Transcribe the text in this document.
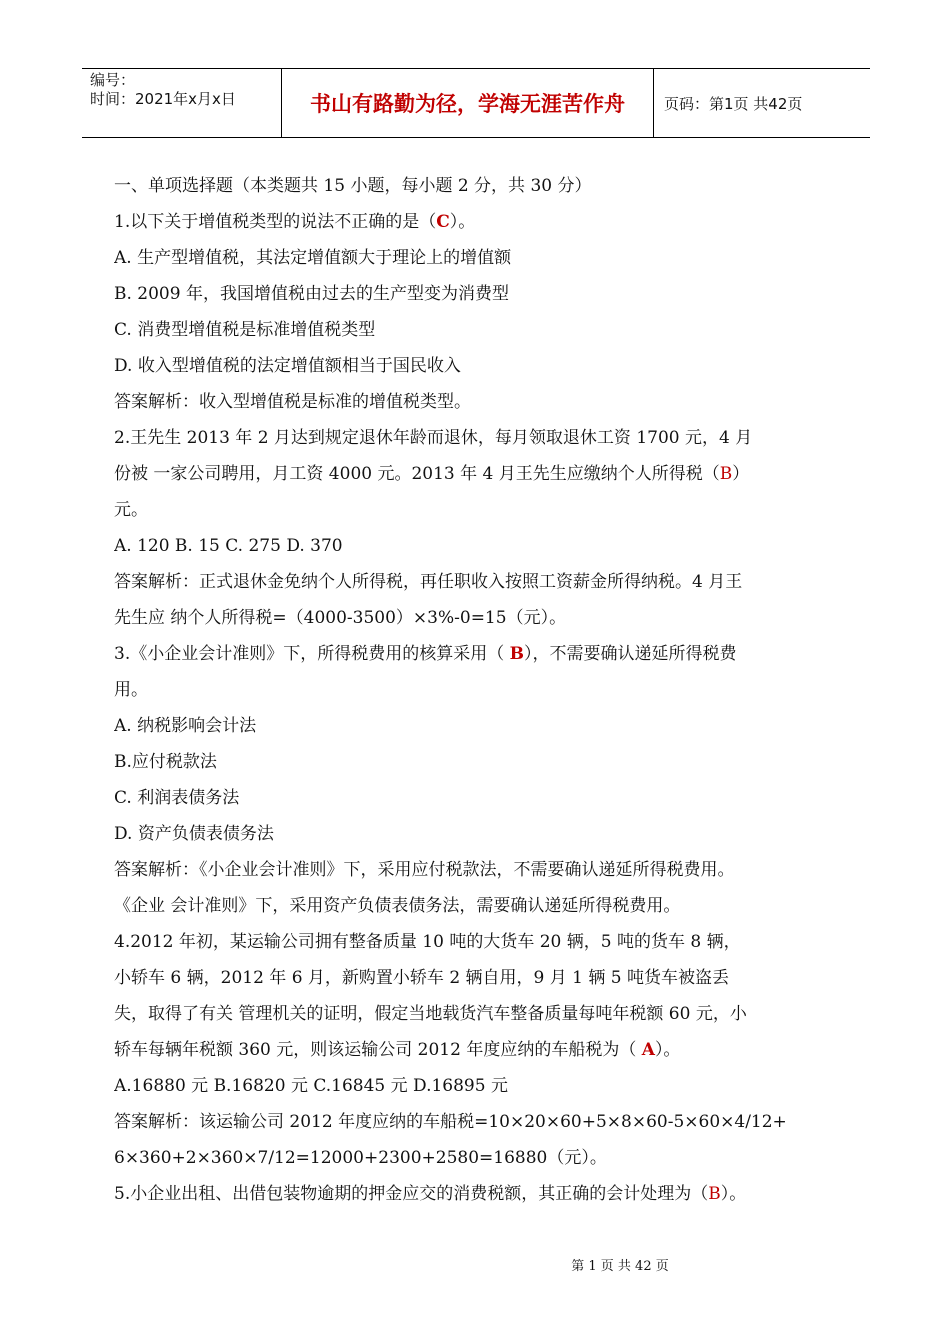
编号：
时间：2021年x月x日	书山有路勤为径，学海无涯苦作舟	页码：第1页 共42页

一、单项选择题（本类题共 15 小题，每小题 2 分，共 30 分）

1.以下关于增值税类型的说法不正确的是（C）。

A. 生产型增值税，其法定增值额大于理论上的增值额

B. 2009 年，我国增值税由过去的生产型变为消费型

C. 消费型增值税是标准增值税类型

D. 收入型增值税的法定增值额相当于国民收入

答案解析：收入型增值税是标准的增值税类型。

2.王先生 2013 年 2 月达到规定退休年龄而退休，每月领取退休工资 1700 元，4 月

份被 一家公司聘用，月工资 4000 元。2013 年 4 月王先生应缴纳个人所得税（B）

元。

A. 120 B. 15 C. 275 D. 370

答案解析：正式退休金免纳个人所得税，再任职收入按照工资薪金所得纳税。4 月王

先生应 纳个人所得税=（4000-3500）×3%-0=15（元）。

3.《小企业会计准则》下，所得税费用的核算采用（ B），不需要确认递延所得税费

用。

A. 纳税影响会计法

B.应付税款法

C. 利润表债务法

D. 资产负债表债务法

答案解析：《小企业会计准则》下，采用应付税款法，不需要确认递延所得税费用。

《企业 会计准则》下，采用资产负债表债务法，需要确认递延所得税费用。

4.2012 年初，某运输公司拥有整备质量 10 吨的大货车 20 辆，5 吨的货车 8 辆，

小轿车 6 辆，2012 年 6 月，新购置小轿车 2 辆自用，9 月 1 辆 5 吨货车被盗丢

失，取得了有关 管理机关的证明，假定当地载货汽车整备质量每吨年税额 60 元，小

轿车每辆年税额 360 元，则该运输公司 2012 年度应纳的车船税为（ A）。

A.16880 元 B.16820 元 C.16845 元 D.16895 元

答案解析：该运输公司 2012 年度应纳的车船税=10×20×60+5×8×60-5×60×4/12+

6×360+2×360×7/12=12000+2300+2580=16880（元）。

5.小企业出租、出借包装物逾期的押金应交的消费税额，其正确的会计处理为（B）。

第 1 页 共 42 页
